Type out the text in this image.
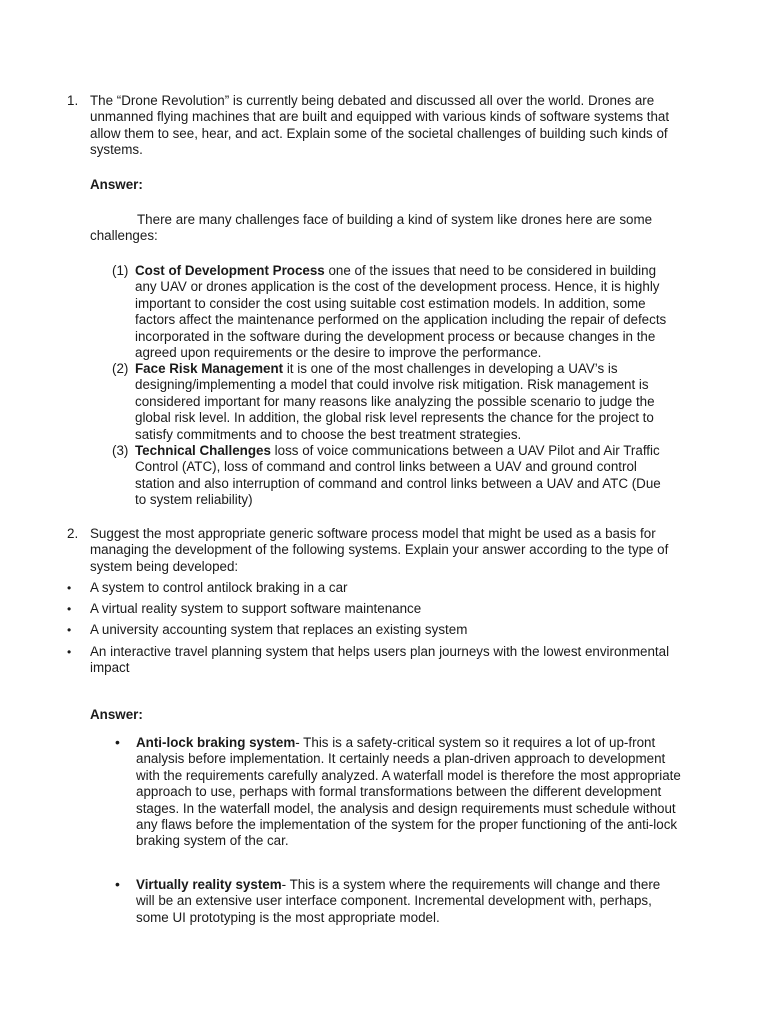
1. The “Drone Revolution” is currently being debated and discussed all over the world. Drones are unmanned flying machines that are built and equipped with various kinds of software systems that allow them to see, hear, and act. Explain some of the societal challenges of building such kinds of systems.
Answer:
There are many challenges face of building a kind of system like drones here are some challenges:
(1) Cost of Development Process one of the issues that need to be considered in building any UAV or drones application is the cost of the development process. Hence, it is highly important to consider the cost using suitable cost estimation models. In addition, some factors affect the maintenance performed on the application including the repair of defects incorporated in the software during the development process or because changes in the agreed upon requirements or the desire to improve the performance.
(2) Face Risk Management it is one of the most challenges in developing a UAV’s is designing/implementing a model that could involve risk mitigation. Risk management is considered important for many reasons like analyzing the possible scenario to judge the global risk level. In addition, the global risk level represents the chance for the project to satisfy commitments and to choose the best treatment strategies.
(3) Technical Challenges loss of voice communications between a UAV Pilot and Air Traffic Control (ATC), loss of command and control links between a UAV and ground control station and also interruption of command and control links between a UAV and ATC (Due to system reliability)
2. Suggest the most appropriate generic software process model that might be used as a basis for managing the development of the following systems. Explain your answer according to the type of system being developed:
• A system to control antilock braking in a car
• A virtual reality system to support software maintenance
• A university accounting system that replaces an existing system
• An interactive travel planning system that helps users plan journeys with the lowest environmental impact
Answer:
• Anti-lock braking system- This is a safety-critical system so it requires a lot of up-front analysis before implementation. It certainly needs a plan-driven approach to development with the requirements carefully analyzed. A waterfall model is therefore the most appropriate approach to use, perhaps with formal transformations between the different development stages. In the waterfall model, the analysis and design requirements must schedule without any flaws before the implementation of the system for the proper functioning of the anti-lock braking system of the car.
• Virtually reality system- This is a system where the requirements will change and there will be an extensive user interface component. Incremental development with, perhaps, some UI prototyping is the most appropriate model.
